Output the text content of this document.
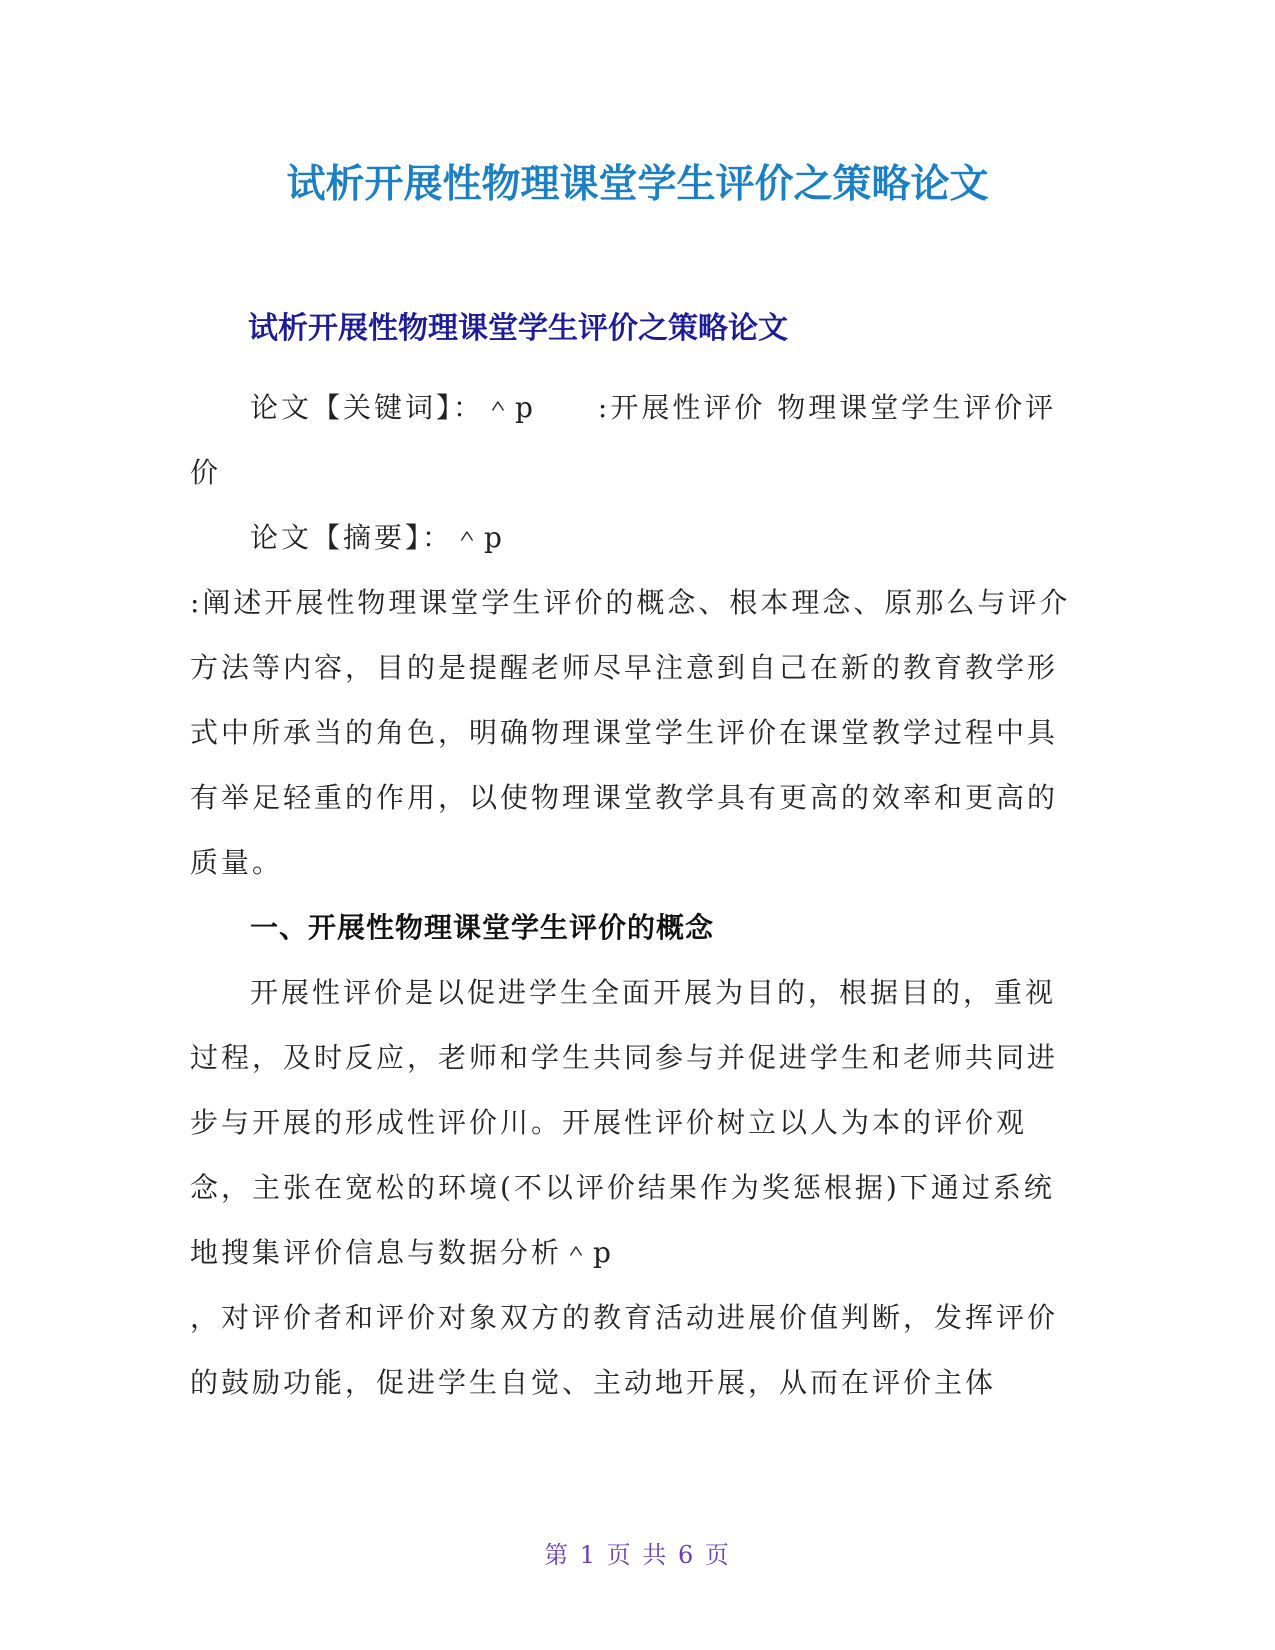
试析开展性物理课堂学生评价之策略论文
试析开展性物理课堂学生评价之策略论文

论文【关键词】：＾p　　:开展性评价 物理课堂学生评价评价

论文【摘要】：＾p

:阐述开展性物理课堂学生评价的概念、根本理念、原那么与评介方法等内容，目的是提醒老师尽早注意到自己在新的教育教学形式中所承当的角色，明确物理课堂学生评价在课堂教学过程中具有举足轻重的作用，以使物理课堂教学具有更高的效率和更高的质量。

一、开展性物理课堂学生评价的概念

开展性评价是以促进学生全面开展为目的，根据目的，重视过程，及时反应，老师和学生共同参与并促进学生和老师共同进步与开展的形成性评价川。开展性评价树立以人为本的评价观念，主张在宽松的环境(不以评价结果作为奖惩根据)下通过系统地搜集评价信息与数据分析＾p

，对评价者和评价对象双方的教育活动进展价值判断，发挥评价的鼓励功能，促进学生自觉、主动地开展，从而在评价主体

第 1 页 共 6 页
